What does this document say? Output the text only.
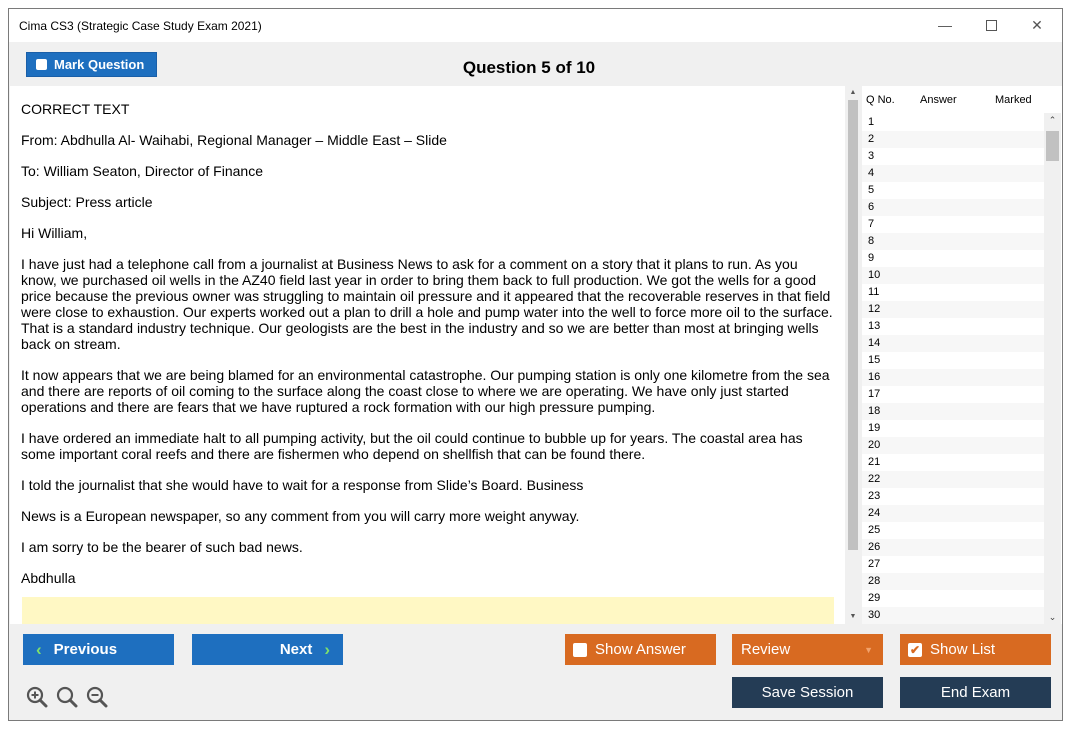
Cima CS3 (Strategic Case Study Exam 2021)	—	✕
Mark Question	Question 5 of 10

CORRECT TEXT

From: Abdhulla Al- Waihabi, Regional Manager – Middle East – Slide

To: William Seaton, Director of Finance

Subject: Press article

Hi William,

I have just had a telephone call from a journalist at Business News to ask for a comment on a story that it plans to run. As you know, we purchased oil wells in the AZ40 field last year in order to bring them back to full production. We got the wells for a good price because the previous owner was struggling to maintain oil pressure and it appeared that the recoverable reserves in that field were close to exhaustion. Our experts worked out a plan to drill a hole and pump water into the well to force more oil to the surface. That is a standard industry technique. Our geologists are the best in the industry and so we are better than most at bringing wells back on stream.

It now appears that we are being blamed for an environmental catastrophe. Our pumping station is only one kilometre from the sea and there are reports of oil coming to the surface along the coast close to where we are operating. We have only just started operations and there are fears that we have ruptured a rock formation with our high pressure pumping.

I have ordered an immediate halt to all pumping activity, but the oil could continue to bubble up for years. The coastal area has some important coral reefs and there are fishermen who depend on shellfish that can be found there.

I told the journalist that she would have to wait for a response from Slide’s Board. Business

News is a European newspaper, so any comment from you will carry more weight anyway.

I am sorry to be the bearer of such bad news.

Abdhulla

▲
▼
Q No. Answer	Marked
1
2
3
4
5
6
7
8
9
10
11
12
13
14
15
16
17
18
19
20
21
22
23
24
25
26
27
28
29
30
⌃
⌄
‹ Previous	Next ›	Show Answer	Review	▼	✔ Show List
Save Session	End Exam
